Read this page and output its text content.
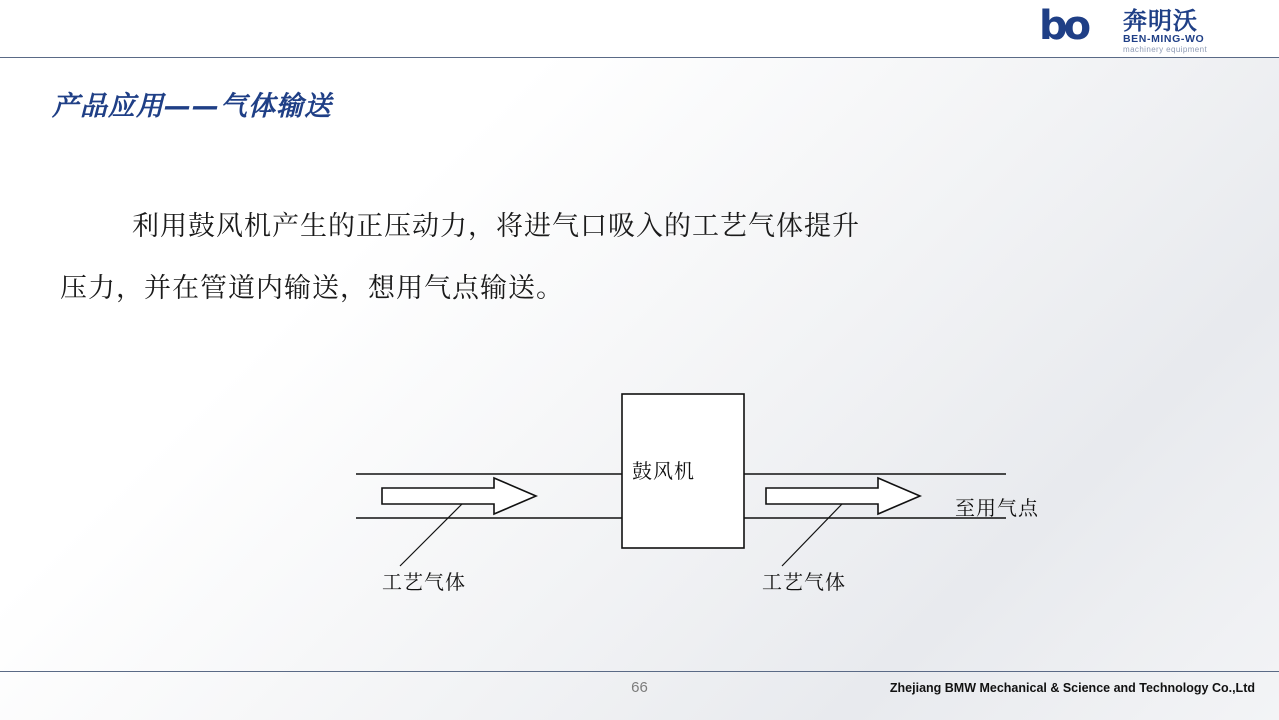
bo 奔明沃
BEN-MING-WO
machinery equipment
产品应用——气体输送
利用鼓风机产生的正压动力，将进气口吸入的工艺气体提升
压力，并在管道内输送，想用气点输送。
鼓风机
工艺气体	工艺气体
至用气点
66	Zhejiang BMW Mechanical & Science and Technology Co.,Ltd
